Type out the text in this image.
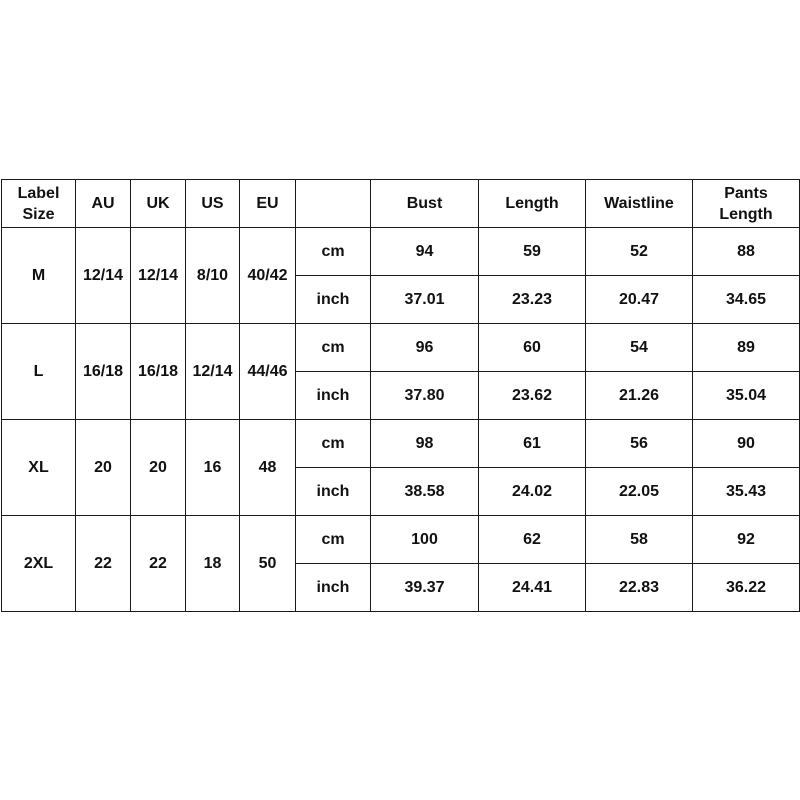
Label
Size	AU	UK	US	EU		Bust	Length	Waistline	Pants
Length

M	12/14	12/14	8/10	40/42	cm	94	59	52	88
					inch	37.01	23.23	20.47	34.65
L	16/18	16/18	12/14	44/46	cm	96	60	54	89
					inch	37.80	23.62	21.26	35.04
XL	20	20	16	48	cm	98	61	56	90
					inch	38.58	24.02	22.05	35.43
2XL	22	22	18	50	cm	100	62	58	92
					inch	39.37	24.41	22.83	36.22
